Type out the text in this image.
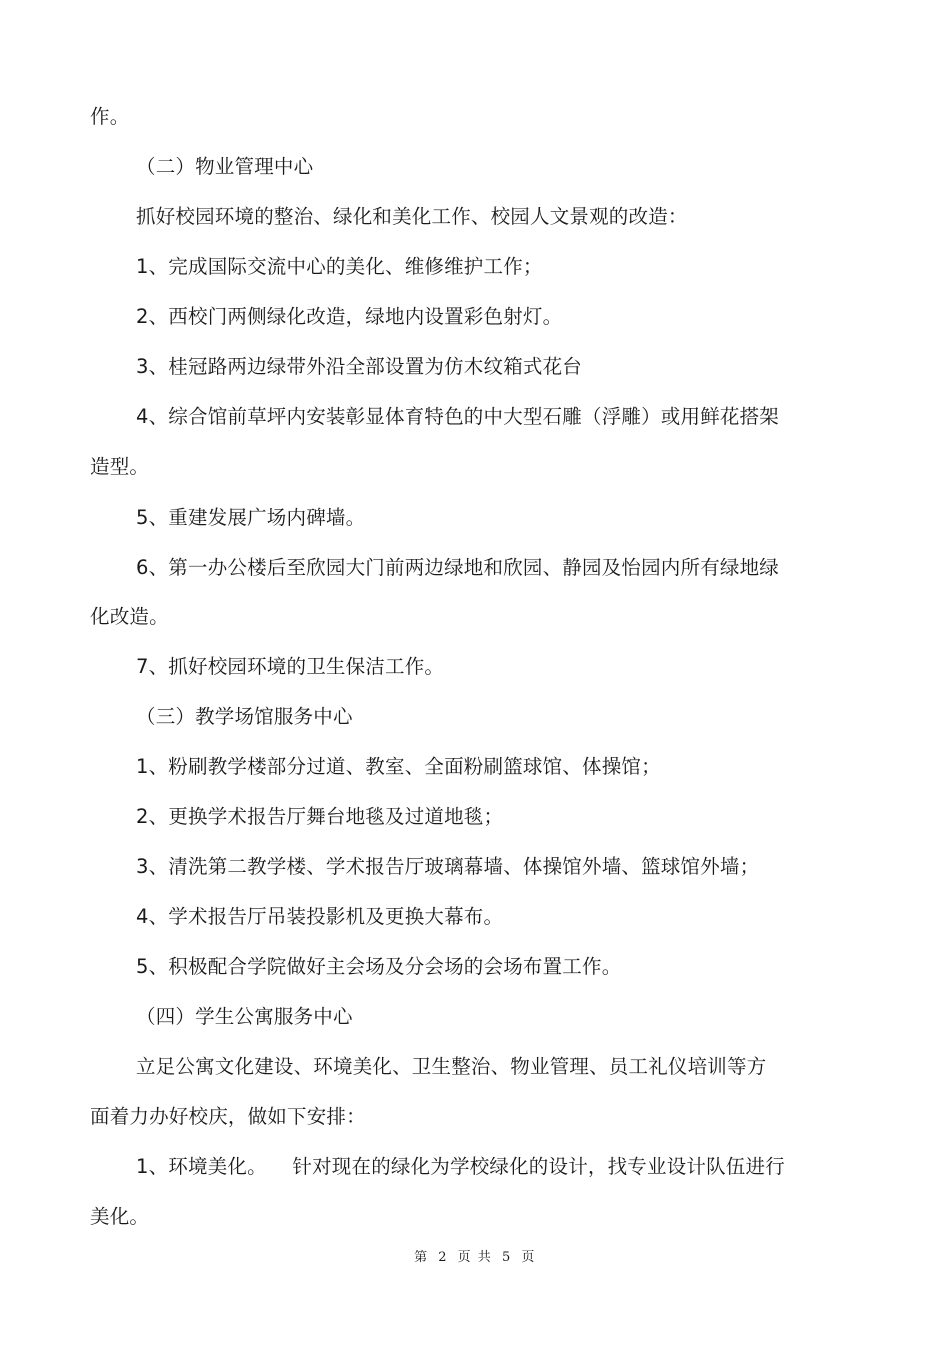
作。
（二）物业管理中心
抓好校园环境的整治、绿化和美化工作、校园人文景观的改造：
1、完成国际交流中心的美化、维修维护工作；
2、西校门两侧绿化改造，绿地内设置彩色射灯。
3、桂冠路两边绿带外沿全部设置为仿木纹箱式花台
4、综合馆前草坪内安装彰显体育特色的中大型石雕（浮雕）或用鲜花搭架
造型。
5、重建发展广场内碑墙。
6、第一办公楼后至欣园大门前两边绿地和欣园、静园及怡园内所有绿地绿
化改造。
7、抓好校园环境的卫生保洁工作。
（三）教学场馆服务中心
1、粉刷教学楼部分过道、教室、全面粉刷篮球馆、体操馆；
2、更换学术报告厅舞台地毯及过道地毯；
3、清洗第二教学楼、学术报告厅玻璃幕墙、体操馆外墙、篮球馆外墙；
4、学术报告厅吊装投影机及更换大幕布。
5、积极配合学院做好主会场及分会场的会场布置工作。
（四）学生公寓服务中心
立足公寓文化建设、环境美化、卫生整治、物业管理、员工礼仪培训等方
面着力办好校庆，做如下安排：
1、环境美化。    针对现在的绿化为学校绿化的设计，找专业设计队伍进行
美化。
第 2 页 共 5 页
